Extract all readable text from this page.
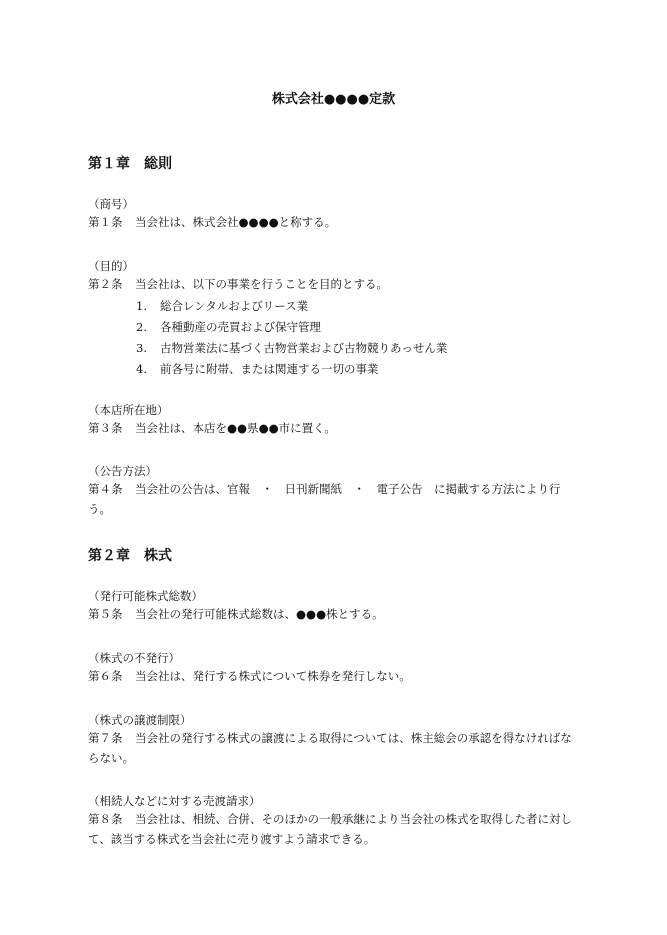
株式会社●●●●定款
第１章　 総則
（商号）
第１条 当会社は、株式会社●●●●と称する。
（目的）
第２条 当会社は、以下の事業を行うことを目的とする。
1. 総合レンタルおよびリース業
2. 各種動産の売買および保守管理
3. 古物営業法に基づく古物営業および古物競りあっせん業
4. 前各号に附帯、または関連する一切の事業
（本店所在地）
第３条 当会社は、本店を●●県●●市に置く。
（公告方法）
第４条 当会社の公告は、官報　・　日刊新聞紙　・　電子公告　に掲載する方法により行う。
第２章　 株式
（発行可能株式総数）
第５条 当会社の発行可能株式総数は、●●●株とする。
（株式の不発行）
第６条 当会社は、発行する株式について株券を発行しない。
（株式の譲渡制限）
第７条 当会社の発行する株式の譲渡による取得については、株主総会の承認を得なければならない。
（相続人などに対する売渡請求）
第８条 当会社は、相続、合併、そのほかの一般承継により当会社の株式を取得した者に対して、該当する株式を当会社に売り渡すよう請求できる。
